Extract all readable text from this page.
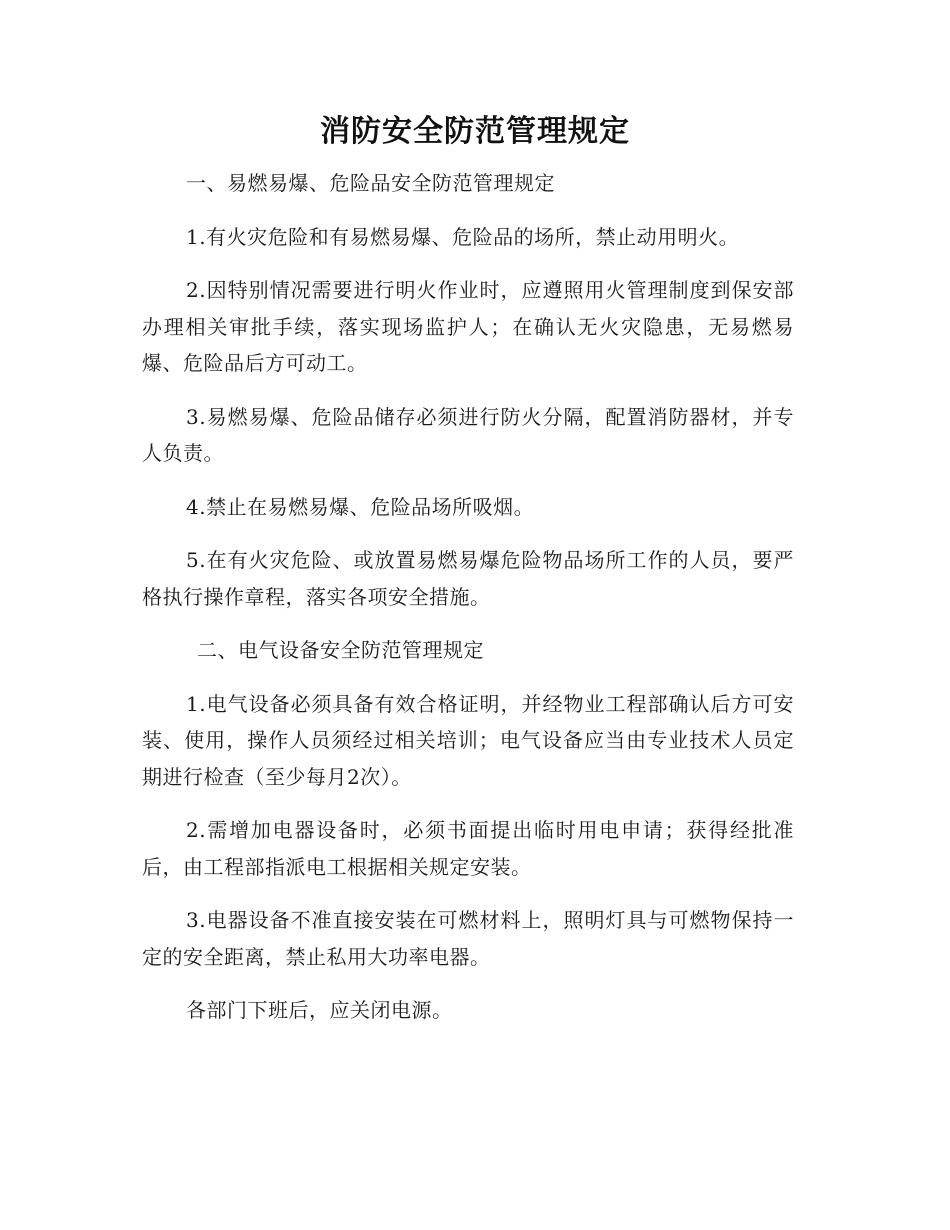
消防安全防范管理规定

一、易燃易爆、危险品安全防范管理规定

1.有火灾危险和有易燃易爆、危险品的场所，禁止动用明火。

2.因特别情况需要进行明火作业时，应遵照用火管理制度到保安部办理相关审批手续，落实现场监护人；在确认无火灾隐患，无易燃易爆、危险品后方可动工。

3.易燃易爆、危险品储存必须进行防火分隔，配置消防器材，并专人负责。

4.禁止在易燃易爆、危险品场所吸烟。

5.在有火灾危险、或放置易燃易爆危险物品场所工作的人员，要严格执行操作章程，落实各项安全措施。

二、电气设备安全防范管理规定

1.电气设备必须具备有效合格证明，并经物业工程部确认后方可安装、使用，操作人员须经过相关培训；电气设备应当由专业技术人员定期进行检查（至少每月2次）。

2.需增加电器设备时，必须书面提出临时用电申请；获得经批准后，由工程部指派电工根据相关规定安装。

3.电器设备不准直接安装在可燃材料上，照明灯具与可燃物保持一定的安全距离，禁止私用大功率电器。

各部门下班后，应关闭电源。
